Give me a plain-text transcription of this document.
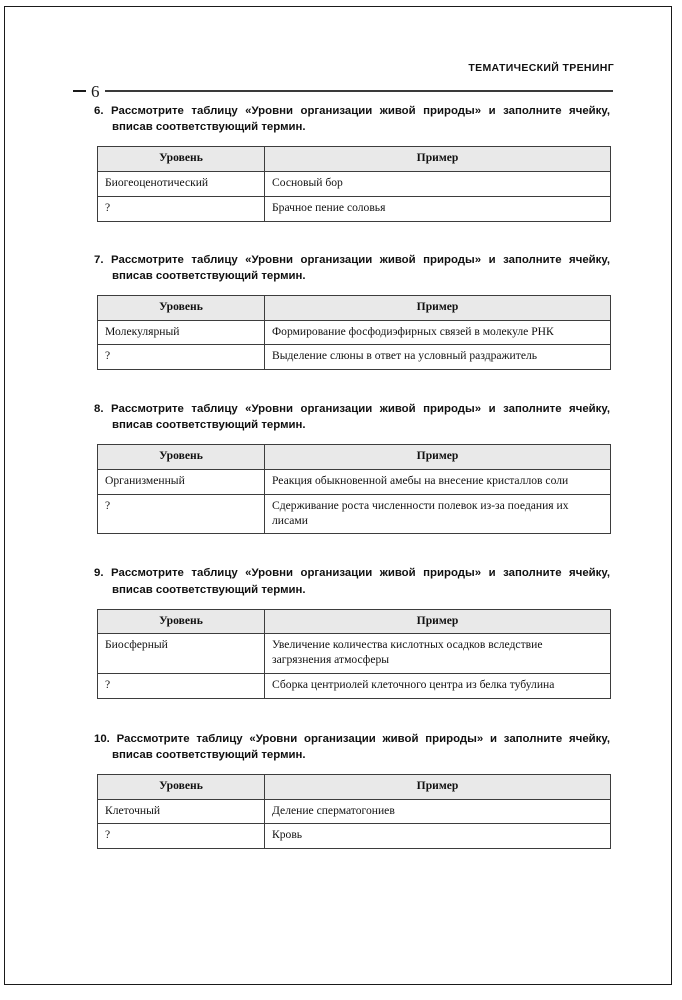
ТЕМАТИЧЕСКИЙ ТРЕНИНГ
6

6. Рассмотрите таблицу «Уровни организации живой природы» и заполните ячейку, вписав соответствующий термин.

Уровень	Пример
Биогеоценотический	Сосновый бор
?	Брачное пение соловья

7. Рассмотрите таблицу «Уровни организации живой природы» и заполните ячейку, вписав соответствующий термин.

Уровень	Пример
Молекулярный	Формирование фосфодиэфирных связей в молекуле РНК
?	Выделение слюны в ответ на условный раздражитель

8. Рассмотрите таблицу «Уровни организации живой природы» и заполните ячейку, вписав соответствующий термин.

Уровень	Пример
Организменный	Реакция обыкновенной амебы на внесение кристаллов соли
?	Сдерживание роста численности полевок из-за поедания их лисами

9. Рассмотрите таблицу «Уровни организации живой природы» и заполните ячейку, вписав соответствующий термин.

Уровень	Пример
Биосферный	Увеличение количества кислотных осадков вследствие загрязнения атмосферы
?	Сборка центриолей клеточного центра из белка тубулина

10. Рассмотрите таблицу «Уровни организации живой природы» и заполните ячейку, вписав соответствующий термин.

Уровень	Пример
Клеточный	Деление сперматогониев
?	Кровь
